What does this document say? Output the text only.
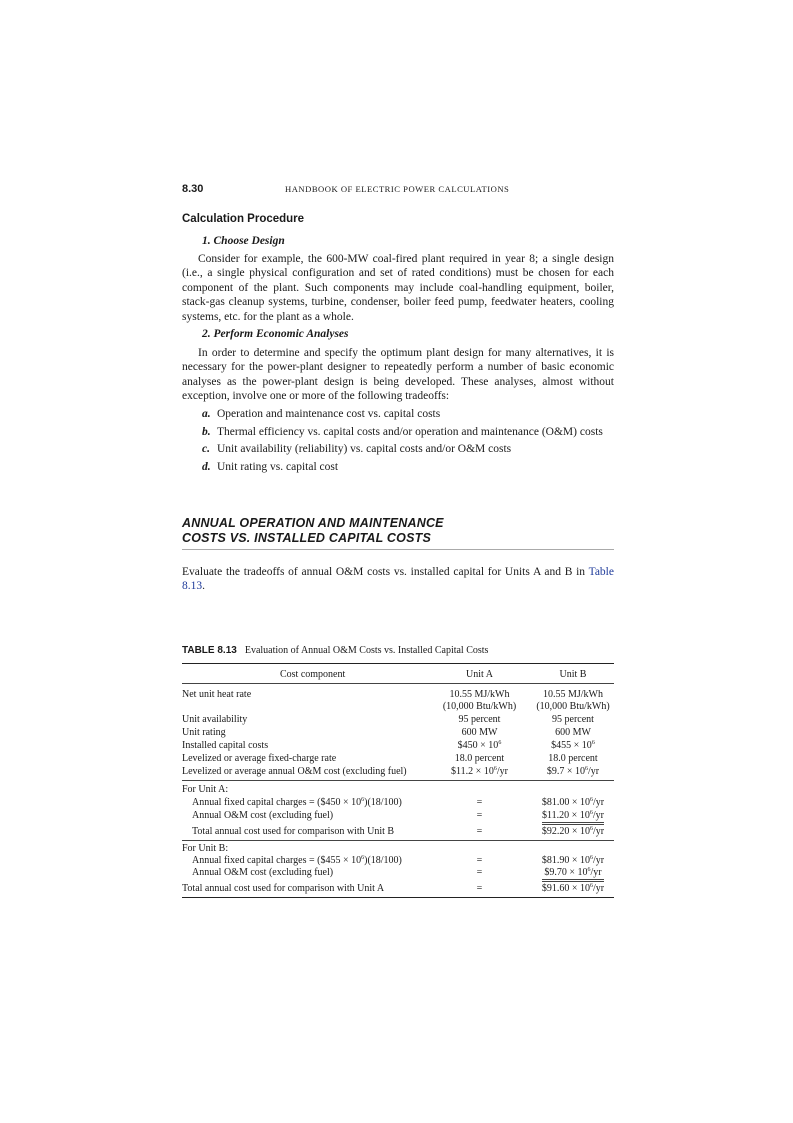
8.30	HANDBOOK OF ELECTRIC POWER CALCULATIONS
Calculation Procedure
1. Choose Design

Consider for example, the 600-MW coal-fired plant required in year 8; a single design (i.e., a single physical configuration and set of rated conditions) must be chosen for each component of the plant. Such components may include coal-handling equipment, boiler, stack-gas cleanup systems, turbine, condenser, boiler feed pump, feedwater heaters, cooling systems, etc. for the plant as a whole.

2. Perform Economic Analyses

In order to determine and specify the optimum plant design for many alternatives, it is necessary for the power-plant designer to repeatedly perform a number of basic economic analyses as the power-plant design is being developed. These analyses, almost without exception, involve one or more of the following tradeoffs:

a. Operation and maintenance cost vs. capital costs
b. Thermal efficiency vs. capital costs and/or operation and maintenance (O&M) costs
c. Unit availability (reliability) vs. capital costs and/or O&M costs
d. Unit rating vs. capital cost
ANNUAL OPERATION AND MAINTENANCE
COSTS VS. INSTALLED CAPITAL COSTS

Evaluate the tradeoffs of annual O&M costs vs. installed capital for Units A and B in Table 8.13.

TABLE 8.13 Evaluation of Annual O&M Costs vs. Installed Capital Costs
Cost component	Unit A	Unit B
Net unit heat rate	10.55 MJ/kWh	10.55 MJ/kWh
(10,000 Btu/kWh)	(10,000 Btu/kWh)
Unit availability	95 percent	95 percent
Unit rating	600 MW	600 MW
Installed capital costs	$450 × $10^6$	$455 × $10^6$
Levelized or average fixed-charge rate	18.0 percent	18.0 percent
Levelized or average annual O&M cost (excluding fuel)	$11.2 × $10^6/yr$	$9.7 × $10^6/yr$
For Unit A:
Annual fixed capital charges = ($450 × $10^6)(18/100)$	=	$81.00 × $10^6/yr$
Annual O&M cost (excluding fuel)	=	$11.20 × $10^6/yr$
Total annual cost used for comparison with Unit B	=	$92.20 × $10^6/yr$
For Unit B:
Annual fixed capital charges = ($455 × $10^6)(18/100)$	=	$81.90 × $10^6/yr$
Annual O&M cost (excluding fuel)	=	$9.70 × $10^6/yr$
Total annual cost used for comparison with Unit A	=	$91.60 × $10^6/yr$
